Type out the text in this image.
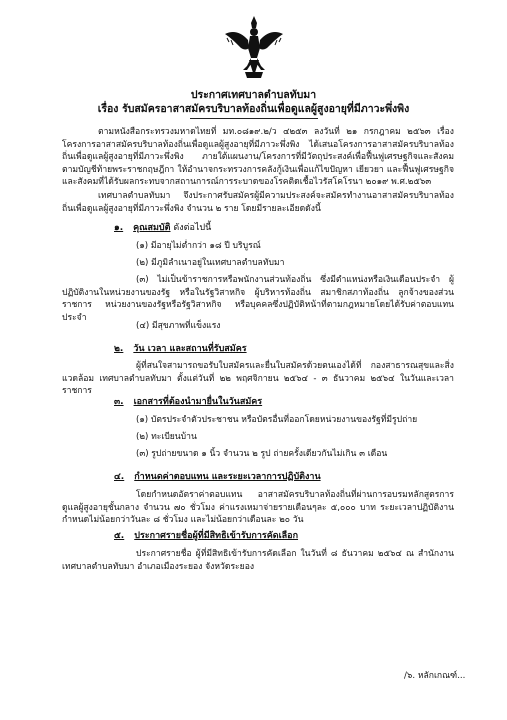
ประกาศเทศบาลตำบลทับมา
เรื่อง รับสมัครอาสาสมัครบริบาลท้องถิ่นเพื่อดูแลผู้สูงอายุที่มีภาวะพึ่งพิง

ตามหนังสือกระทรวงมหาดไทยที่ มท.๐๘๑๙.๒/ว ๔๒๕๓ ลงวันที่ ๒๑ กรกฎาคม ๒๕๖๓ เรื่อง โครงการอาสาสมัครบริบาลท้องถิ่นเพื่อดูแลผู้สูงอายุที่มีภาวะพึ่งพิง ได้เสนอโครงการอาสาสมัครบริบาลท้องถิ่นเพื่อดูแลผู้สูงอายุที่มีภาวะพึ่งพิง ภายใต้แผนงาน/โครงการที่มีวัตถุประสงค์เพื่อฟื้นฟูเศรษฐกิจและสังคม ตามบัญชีท้ายพระราชกฤษฎีกา ให้อำนาจกระทรวงการคลังกู้เงินเพื่อแก้ไขปัญหา เยียวยา และฟื้นฟูเศรษฐกิจและสังคมที่ได้รับผลกระทบจากสถานการณ์การระบาดของโรคติดเชื้อไวรัสโคโรนา ๒๐๑๙ พ.ศ.๒๕๖๓

เทศบาลตำบลทับมา จึงประกาศรับสมัครผู้มีความประสงค์จะสมัครทำงานอาสาสมัครบริบาลท้องถิ่นเพื่อดูแลผู้สูงอายุที่มีภาวะพึ่งพิง จำนวน ๒ ราย โดยมีรายละเอียดดังนี้

๑. คุณสมบัติ ดังต่อไปนี้

(๑) มีอายุไม่ต่ำกว่า ๑๘ ปี บริบูรณ์

(๒) มีภูมิลำเนาอยู่ในเทศบาลตำบลทับมา

(๓) ไม่เป็นข้าราชการหรือพนักงานส่วนท้องถิ่น ซึ่งมีตำแหน่งหรือเงินเดือนประจำ ผู้ปฏิบัติงานในหน่วยงานของรัฐ หรือในรัฐวิสาหกิจ ผู้บริหารท้องถิ่น สมาชิกสภาท้องถิ่น ลูกจ้างของส่วนราชการ หน่วยงานของรัฐหรือรัฐวิสาหกิจ หรือบุคคลซึ่งปฏิบัติหน้าที่ตามกฎหมายโดยได้รับค่าตอบแทนประจำ

(๔) มีสุขภาพที่แข็งแรง

๒. วัน เวลา และสถานที่รับสมัคร

ผู้ที่สนใจสามารถขอรับใบสมัครและยื่นใบสมัครด้วยตนเองได้ที่ กองสาธารณสุขและสิ่งแวดล้อม เทศบาลตำบลทับมา ตั้งแต่วันที่ ๒๒ พฤศจิกายน ๒๕๖๔ - ๓ ธันวาคม ๒๕๖๔ ในวันและเวลาราชการ

๓. เอกสารที่ต้องนำมายื่นในวันสมัคร

(๑) บัตรประจำตัวประชาชน หรือบัตรอื่นที่ออกโดยหน่วยงานของรัฐที่มีรูปถ่าย

(๒) ทะเบียนบ้าน

(๓) รูปถ่ายขนาด ๑ นิ้ว จำนวน ๒ รูป ถ่ายครั้งเดียวกันไม่เกิน ๓ เดือน

๔. กำหนดค่าตอบแทน และระยะเวลาการปฏิบัติงาน

โดยกำหนดอัตราค่าตอบแทน อาสาสมัครบริบาลท้องถิ่นที่ผ่านการอบรมหลักสูตรการดูแลผู้สูงอายุชั้นกลาง จำนวน ๗๐ ชั่วโมง ค่าแรงเหมาจ่ายรายเดือนๆละ ๕,๐๐๐ บาท ระยะเวลาปฏิบัติงาน กำหนดไม่น้อยกว่าวันละ ๘ ชั่วโมง และไม่น้อยกว่าเดือนละ ๒๐ วัน

๕. ประกาศรายชื่อผู้ที่มีสิทธิเข้ารับการคัดเลือก

ประกาศรายชื่อ ผู้ที่มีสิทธิเข้ารับการคัดเลือก ในวันที่ ๘ ธันวาคม ๒๕๖๔ ณ สำนักงานเทศบาลตำบลทับมา อำเภอเมืองระยอง จังหวัดระยอง

/๖. หลักเกณฑ์...
